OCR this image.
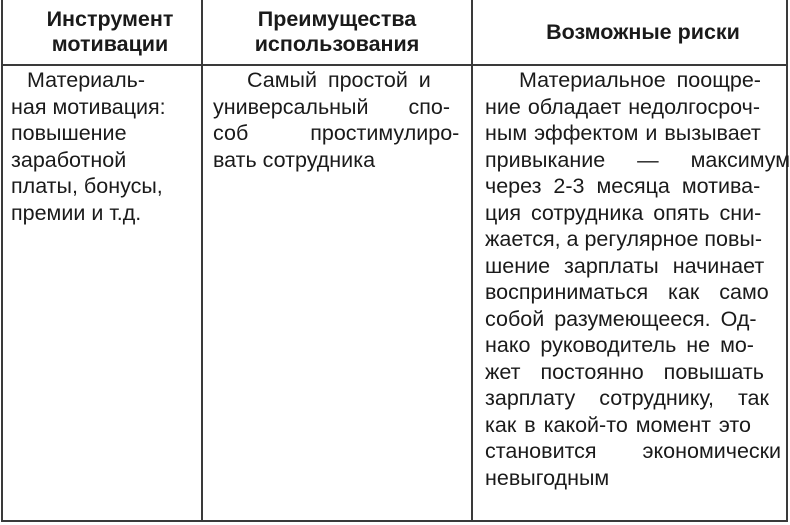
Инструмент
мотивации
Преимущества
использования
Возможные риски
Материаль-
ная мотивация:
повышение
заработной
платы, бонусы,
премии и т.д.
Самый простой и
универсальный спо-
соб простимулиро-
вать сотрудника
Материальное поощре-
ние обладает недолгосроч-
ным эффектом и вызывает
привыкание — максимум
через 2-3 месяца мотива-
ция сотрудника опять сни-
жается, а регулярное повы-
шение зарплаты начинает
восприниматься как само
собой разумеющееся. Од-
нако руководитель не мо-
жет постоянно повышать
зарплату сотруднику, так
как в какой-то момент это
становится экономически
невыгодным
